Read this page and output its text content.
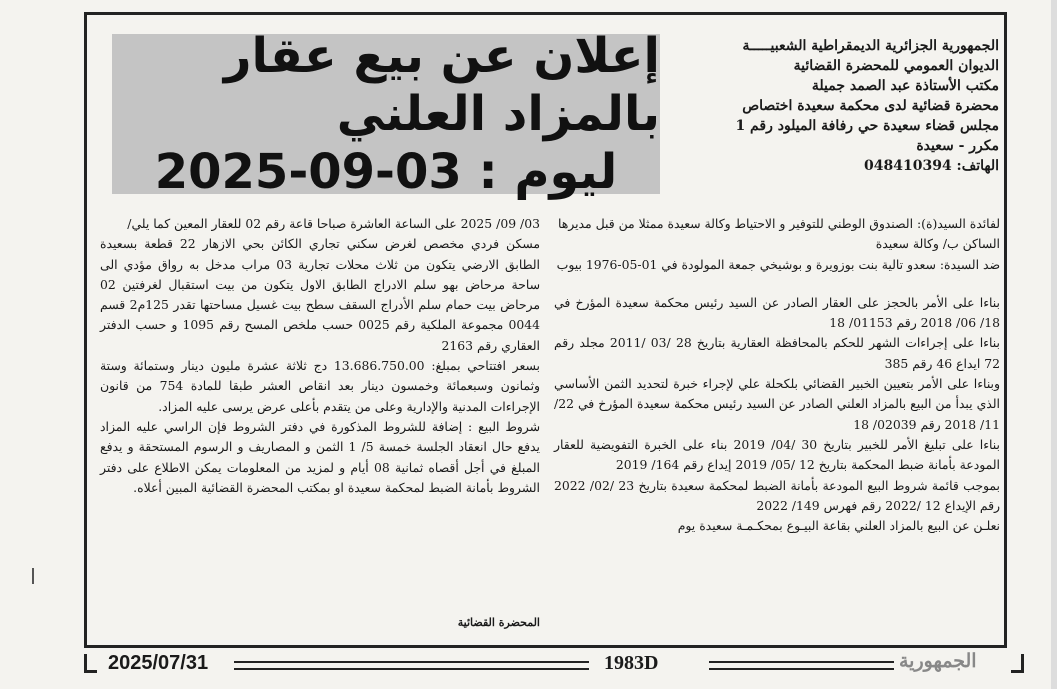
الجمهورية الجزائرية الديمقراطية الشعبيـــــة
الديوان العمومي للمحضرة القضائية
مكتب الأستاذة عبد الصمد جميلة
محضرة قضائية لدى محكمة سعيدة اختصاص
مجلس قضاء سعيدة حي رفافة الميلود رقم 1
مكرر - سعيدة
الهاتف: 048410394
إعلان عن بيع عقار بالمزاد العلني
ليوم : 03-09-2025

لفائدة السيد(ة): الصندوق الوطني للتوفير و الاحتياط وكالة سعيدة ممثلا من قبل مديرها

الساكن ب/ وكالة سعيدة

ضد السيدة: سعدو تالية بنت بوزويرة و بوشيخي جمعة المولودة في 01-05-1976 بيوب

بناءا على الأمر بالحجز على العقار الصادر عن السيد رئيس محكمة سعيدة المؤرخ في 18/ 06/ 2018 رقم 01153/ 18

بناءا على إجراءات الشهر للحكم بالمحافظة العقارية بتاريخ 28 /03 /2011 مجلد رقم 72 ايداع 46 رقم 385

وبناءا على الأمر بتعيين الخبير القضائي بلكحلة علي لإجراء خبرة لتحديد الثمن الأساسي الذي يبدأ من البيع بالمزاد العلني الصادر عن السيد رئيس محكمة سعيدة المؤرخ في 22/ 11/ 2018 رقم 02039/ 18

بناءا على تبليغ الأمر للخبير بتاريخ 30 /04/ 2019 بناء على الخبرة التفويضية للعقار المودعة بأمانة ضبط المحكمة بتاريخ 12 /05/ 2019 إيداع رقم 164/ 2019

بموجب قائمة شروط البيع المودعة بأمانة الضبط لمحكمة سعيدة بتاريخ 23 /02/ 2022 رقم الإيداع 12 /2022 رقم فهرس 149/ 2022

نعلـن عن البيع بالمزاد العلني بقاعة البيـوع بمحكـمـة سعيدة يوم

03/ 09/ 2025 على الساعة العاشرة صباحا قاعة رقم 02 للعقار المعين كما يلي/

مسكن فردي مخصص لغرض سكني تجاري الكائن بحي الازهار 22 قطعة بسعيدة الطابق الارضي يتكون من ثلاث محلات تجارية 03 مراب مدخل به رواق مؤدي الى ساحة مرحاض بهو سلم الادراج الطابق الاول يتكون من بيت استقبال لغرفتين 02 مرحاض بيت حمام سلم الأدراج السقف سطح بيت غسيل مساحتها تقدر 125م2 قسم 0044 مجموعة الملكية رقم 0025 حسب ملخص المسح رقم 1095 و حسب الدفتر العقاري رقم 2163

بسعر افتتاحي بمبلغ: 13.686.750.00 دج ثلاثة عشرة مليون دينار وستمائة وستة وثمانون وسبعمائة وخمسون دينار بعد انقاص العشر طبقا للمادة 754 من قانون الإجراءات المدنية والإدارية وعلى من يتقدم بأعلى عرض يرسى عليه المزاد.

شروط البيع : إضافة للشروط المذكورة في دفتر الشروط فإن الراسي عليه المزاد يدفع حال انعقاد الجلسة خمسة 5/ 1 الثمن و المصاريف و الرسوم المستحقة و يدفع المبلغ في أجل أقصاه ثمانية 08 أيام و لمزيد من المعلومات يمكن الاطلاع على دفتر الشروط بأمانة الضبط لمحكمة سعيدة او بمكتب المحضرة القضائية المبين أعلاه.

المحضرة القضائية
2025/07/31	1983D	الجمهورية
